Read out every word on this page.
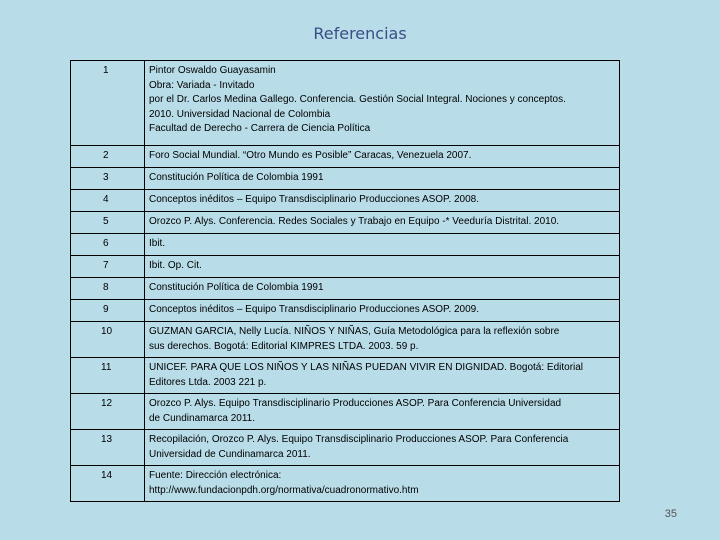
Referencias
1	Pintor Oswaldo Guayasamin
Obra: Variada - Invitado
por el Dr. Carlos Medina Gallego. Conferencia. Gestión Social Integral. Nociones y conceptos.
2010. Universidad Nacional de Colombia
Facultad de Derecho - Carrera de Ciencia Política
2	Foro Social Mundial. “Otro Mundo es Posible” Caracas, Venezuela 2007.
3	Constitución Política de Colombia 1991
4	Conceptos inéditos – Equipo Transdisciplinario Producciones ASOP. 2008.
5	Orozco P. Alys. Conferencia. Redes Sociales y Trabajo en Equipo -* Veeduría Distrital. 2010.
6	Ibit.
7	Ibit. Op. Cit.
8	Constitución Política de Colombia 1991
9	Conceptos inéditos – Equipo Transdisciplinario Producciones ASOP. 2009.
10	GUZMAN GARCIA, Nelly Lucía. NIÑOS Y NIÑAS, Guía Metodológica para la reflexión sobre
sus derechos. Bogotá: Editorial KIMPRES LTDA. 2003. 59 p.
11	UNICEF. PARA QUE LOS NIÑOS Y LAS NIÑAS PUEDAN VIVIR EN DIGNIDAD. Bogotá: Editorial
Editores Ltda. 2003 221 p.
12	Orozco P. Alys. Equipo Transdisciplinario Producciones ASOP. Para Conferencia Universidad
de Cundinamarca 2011.
13	Recopilación, Orozco P. Alys. Equipo Transdisciplinario Producciones ASOP. Para Conferencia
Universidad de Cundinamarca 2011.
14	Fuente: Dirección electrónica:
http://www.fundacionpdh.org/normativa/cuadronormativo.htm
35
